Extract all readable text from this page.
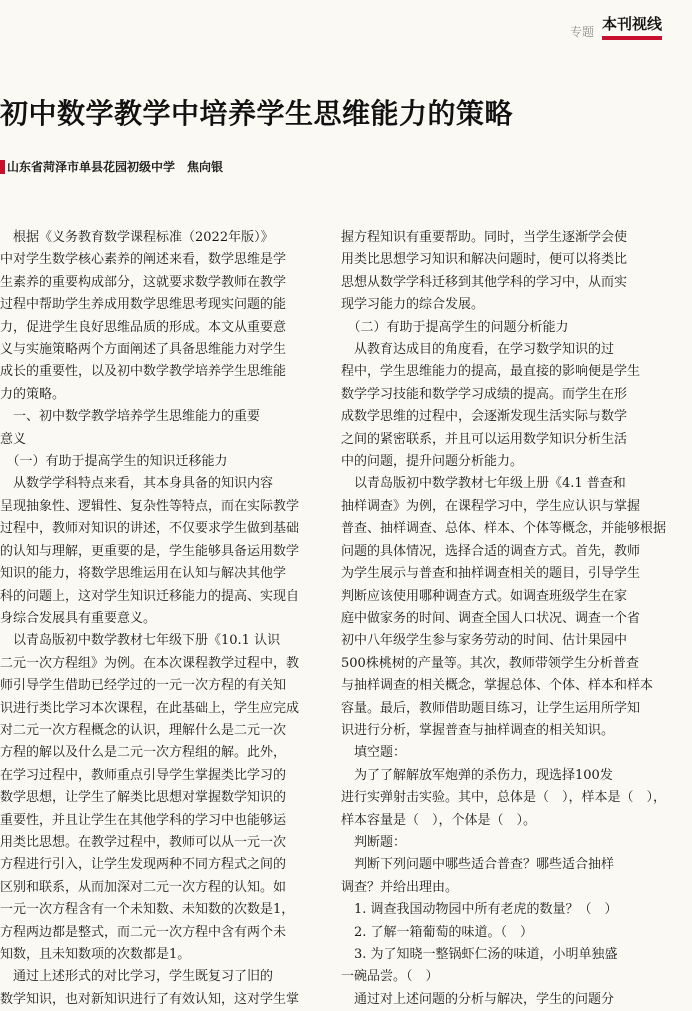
专题 本刊视线
初中数学教学中培养学生思维能力的策略
山东省菏泽市单县花园初级中学　焦向银

　根据《义务教育数学课程标准（2022年版）》

中对学生数学核心素养的阐述来看，数学思维是学

生素养的重要构成部分，这就要求数学教师在教学

过程中帮助学生养成用数学思维思考现实问题的能

力，促进学生良好思维品质的形成。本文从重要意

义与实施策略两个方面阐述了具备思维能力对学生

成长的重要性，以及初中数学教学培养学生思维能

力的策略。

　一、初中数学教学培养学生思维能力的重要

意义

　（一）有助于提高学生的知识迁移能力

　从数学学科特点来看，其本身具备的知识内容

呈现抽象性、逻辑性、复杂性等特点，而在实际教学

过程中，教师对知识的讲述，不仅要求学生做到基础

的认知与理解，更重要的是，学生能够具备运用数学

知识的能力，将数学思维运用在认知与解决其他学

科的问题上，这对学生知识迁移能力的提高、实现自

身综合发展具有重要意义。

　以青岛版初中数学教材七年级下册《10.1 认识

二元一次方程组》为例。在本次课程教学过程中，教

师引导学生借助已经学过的一元一次方程的有关知

识进行类比学习本次课程，在此基础上，学生应完成

对二元一次方程概念的认识，理解什么是二元一次

方程的解以及什么是二元一次方程组的解。此外，

在学习过程中，教师重点引导学生掌握类比学习的

数学思想，让学生了解类比思想对掌握数学知识的

重要性，并且让学生在其他学科的学习中也能够运

用类比思想。在教学过程中，教师可以从一元一次

方程进行引入，让学生发现两种不同方程式之间的

区别和联系，从而加深对二元一次方程的认知。如

一元一次方程含有一个未知数、未知数的次数是1，

方程两边都是整式，而二元一次方程中含有两个未

知数，且未知数项的次数都是1。

　通过上述形式的对比学习，学生既复习了旧的

数学知识，也对新知识进行了有效认知，这对学生掌

握方程知识有重要帮助。同时，当学生逐渐学会使

用类比思想学习知识和解决问题时，便可以将类比

思想从数学学科迁移到其他学科的学习中，从而实

现学习能力的综合发展。

　（二）有助于提高学生的问题分析能力

　从教育达成目的角度看，在学习数学知识的过

程中，学生思维能力的提高，最直接的影响便是学生

数学学习技能和数学学习成绩的提高。而学生在形

成数学思维的过程中，会逐渐发现生活实际与数学

之间的紧密联系，并且可以运用数学知识分析生活

中的问题，提升问题分析能力。

　以青岛版初中数学教材七年级上册《4.1 普查和

抽样调查》为例，在课程学习中，学生应认识与掌握

普查、抽样调查、总体、样本、个体等概念，并能够根据

问题的具体情况，选择合适的调查方式。首先，教师

为学生展示与普查和抽样调查相关的题目，引导学生

判断应该使用哪种调查方式。如调查班级学生在家

庭中做家务的时间、调查全国人口状况、调查一个省

初中八年级学生参与家务劳动的时间、估计果园中

500株桃树的产量等。其次，教师带领学生分析普查

与抽样调查的相关概念，掌握总体、个体、样本和样本

容量。最后，教师借助题目练习，让学生运用所学知

识进行分析，掌握普查与抽样调查的相关知识。

　填空题：

　为了了解解放军炮弹的杀伤力，现选择100发

进行实弹射击实验。其中，总体是（　），样本是（　），

样本容量是（　），个体是（　）。

　判断题：

　判断下列问题中哪些适合普查？哪些适合抽样

调查？并给出理由。

　1. 调查我国动物园中所有老虎的数量？（　）

　2. 了解一箱葡萄的味道。（　）

　3. 为了知晓一整锅虾仁汤的味道，小明单独盛

一碗品尝。（　）

　通过对上述问题的分析与解决，学生的问题分
